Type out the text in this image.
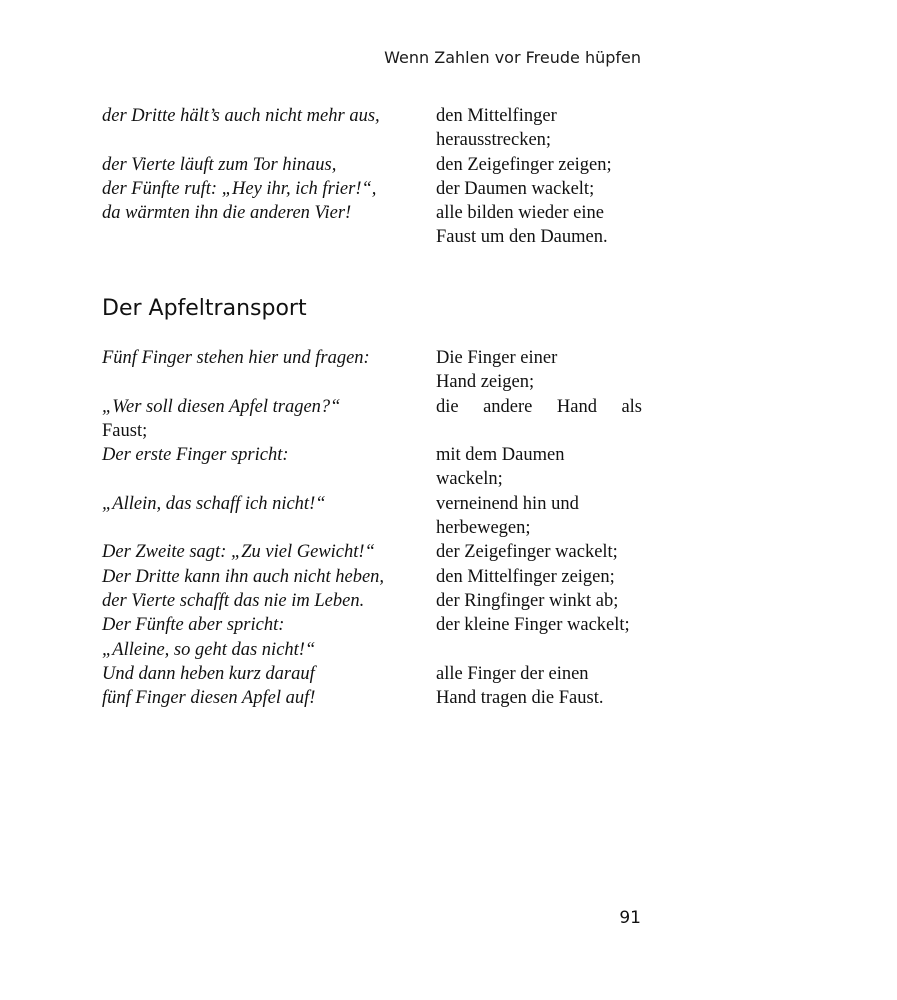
Wenn Zahlen vor Freude hüpfen
der Dritte hält’s auch nicht mehr aus,	den Mittelfinger
herausstrecken;
der Vierte läuft zum Tor hinaus,	den Zeigefinger zeigen;
der Fünfte ruft: „Hey ihr, ich frier!“,	der Daumen wackelt;
da wärmten ihn die anderen Vier!	alle bilden wieder eine
Faust um den Daumen.
Der Apfeltransport
Fünf Finger stehen hier und fragen:	Die Finger einer
Hand zeigen;
„Wer soll diesen Apfel tragen?“	die andere Hand als
Faust;
Der erste Finger spricht:	mit dem Daumen
wackeln;
„Allein, das schaff ich nicht!“	verneinend hin und
herbewegen;
Der Zweite sagt: „Zu viel Gewicht!“	der Zeigefinger wackelt;
Der Dritte kann ihn auch nicht heben,	den Mittelfinger zeigen;
der Vierte schafft das nie im Leben.	der Ringfinger winkt ab;
Der Fünfte aber spricht:	der kleine Finger wackelt;
„Alleine, so geht das nicht!“
Und dann heben kurz darauf	alle Finger der einen
fünf Finger diesen Apfel auf!	Hand tragen die Faust.
91
